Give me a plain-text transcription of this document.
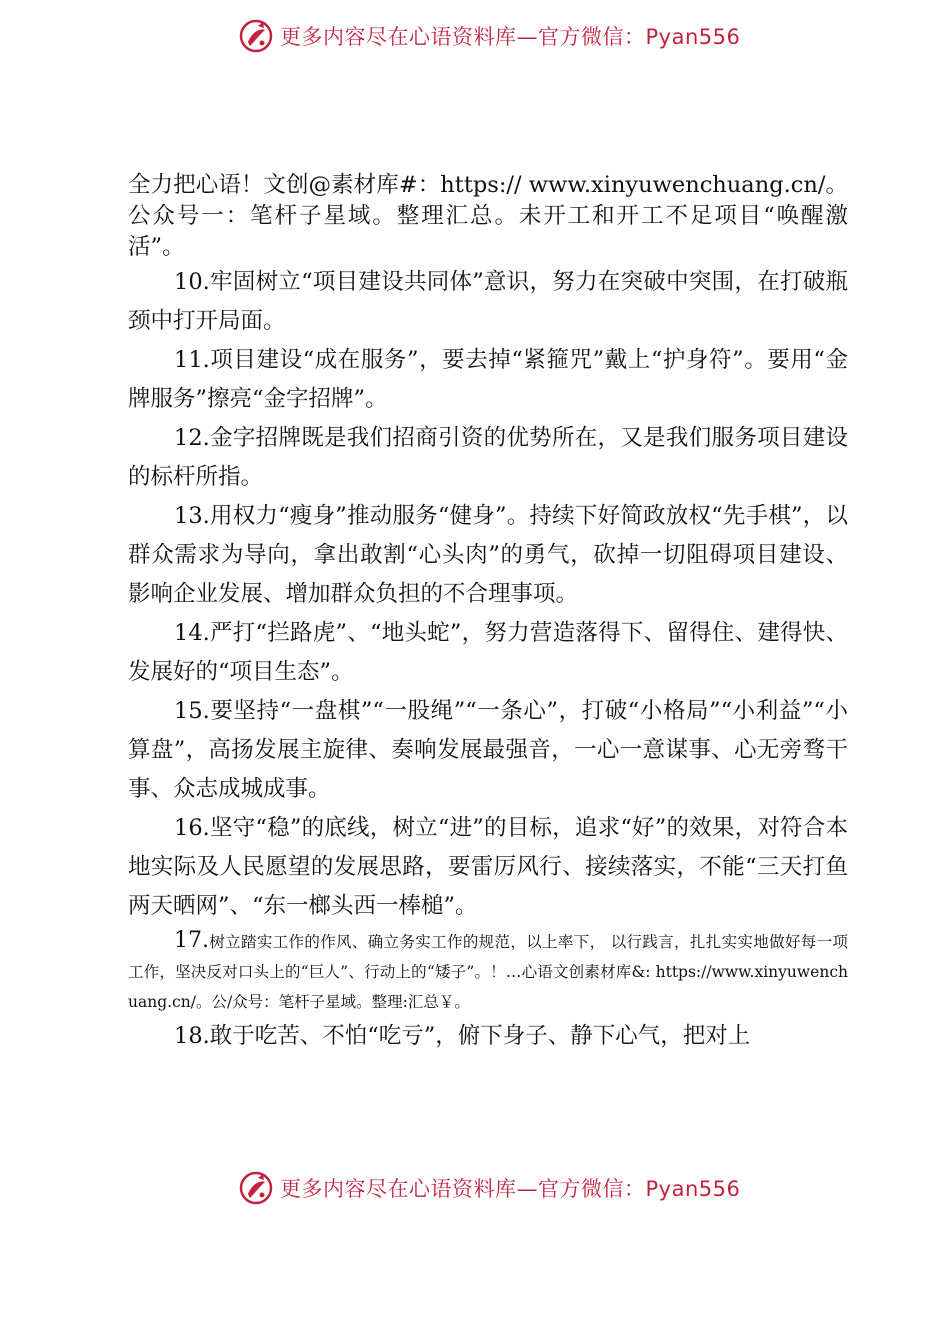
更多内容尽在心语资料库—官方微信：Pyan556

全力把心语！文创@素材库#：https:// www.xinyuwenchuang.cn/。公众号一：笔杆子星域。整理汇总。未开工和开工不足项目“唤醒激活”。

10.牢固树立“项目建设共同体”意识，努力在突破中突围，在打破瓶颈中打开局面。

11.项目建设“成在服务”，要去掉“紧箍咒”戴上“护身符”。要用“金牌服务”擦亮“金字招牌”。

12.金字招牌既是我们招商引资的优势所在，又是我们服务项目建设的标杆所指。

13.用权力“瘦身”推动服务“健身”。持续下好简政放权“先手棋”，以群众需求为导向，拿出敢割“心头肉”的勇气，砍掉一切阻碍项目建设、影响企业发展、增加群众负担的不合理事项。

14.严打“拦路虎”、“地头蛇”，努力营造落得下、留得住、建得快、发展好的“项目生态”。

15.要坚持“一盘棋”“一股绳”“一条心”，打破“小格局”“小利益”“小算盘”，高扬发展主旋律、奏响发展最强音，一心一意谋事、心无旁骛干事、众志成城成事。

16.坚守“稳”的底线，树立“进”的目标，追求“好”的效果，对符合本地实际及人民愿望的发展思路，要雷厉风行、接续落实，不能“三天打鱼两天晒网”、“东一榔头西一棒槌”。

17.树立踏实工作的作风、确立务实工作的规范，以上率下， 以行践言，扎扎实实地做好每一项工作，坚决反对口头上的“巨人”、行动上的“矮子”。！…心语文创素材库&: https://www.xinyuwenchuang.cn/。公/众号：笔杆子星域。整理:汇总￥。

18.敢于吃苦、不怕“吃亏”，俯下身子、静下心气，把对上

更多内容尽在心语资料库—官方微信：Pyan556
